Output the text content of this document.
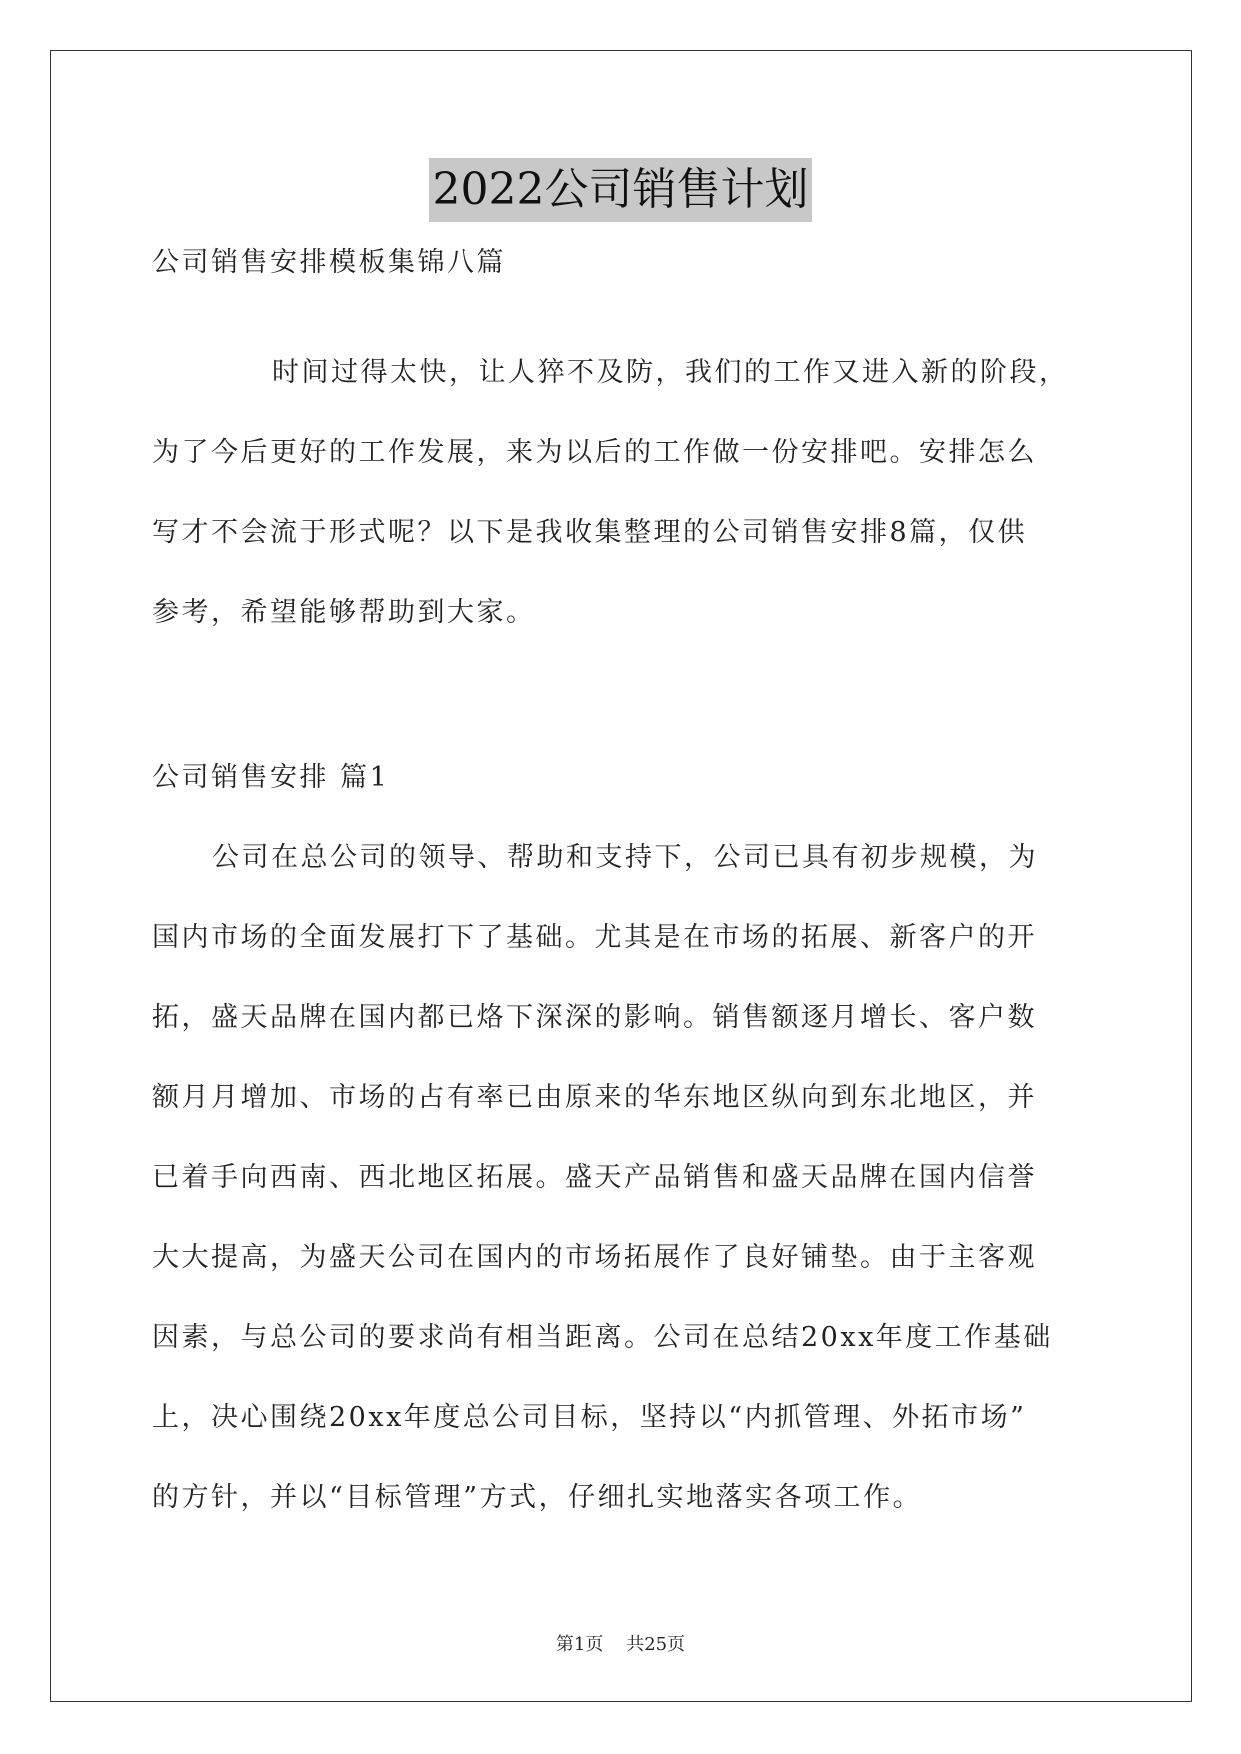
2022公司销售计划
公司销售安排模板集锦八篇
时间过得太快，让人猝不及防，我们的工作又进入新的阶段，
为了今后更好的工作发展，来为以后的工作做一份安排吧。安排怎么
写才不会流于形式呢？以下是我收集整理的公司销售安排8篇，仅供
参考，希望能够帮助到大家。
公司销售安排 篇1
公司在总公司的领导、帮助和支持下，公司已具有初步规模，为
国内市场的全面发展打下了基础。尤其是在市场的拓展、新客户的开
拓，盛天品牌在国内都已烙下深深的影响。销售额逐月增长、客户数
额月月增加、市场的占有率已由原来的华东地区纵向到东北地区，并
已着手向西南、西北地区拓展。盛天产品销售和盛天品牌在国内信誉
大大提高，为盛天公司在国内的市场拓展作了良好铺垫。由于主客观
因素，与总公司的要求尚有相当距离。公司在总结20xx年度工作基础
上，决心围绕20xx年度总公司目标，坚持以“内抓管理、外拓市场”
的方针，并以“目标管理”方式，仔细扎实地落实各项工作。
第1页    共25页
